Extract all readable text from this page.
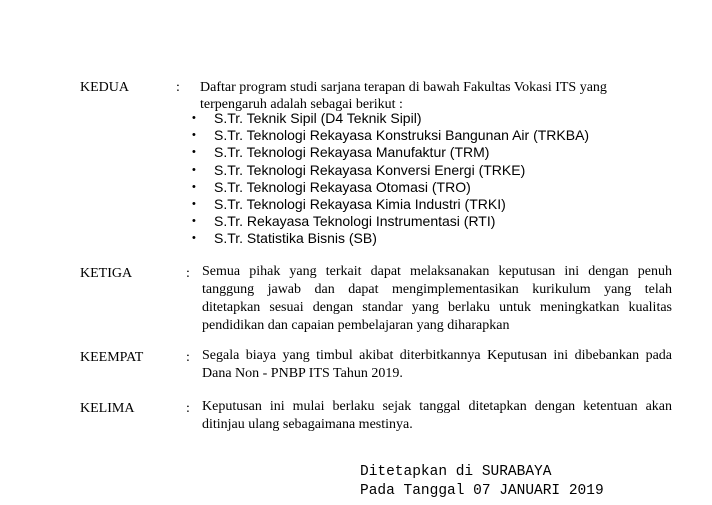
KEDUA	: Daftar program studi sarjana terapan di bawah Fakultas Vokasi ITS yang
terpengaruh adalah sebagai berikut :
• S.Tr. Teknik Sipil (D4 Teknik Sipil)
• S.Tr. Teknologi Rekayasa Konstruksi Bangunan Air (TRKBA)
• S.Tr. Teknologi Rekayasa Manufaktur (TRM)
• S.Tr. Teknologi Rekayasa Konversi Energi (TRKE)
• S.Tr. Teknologi Rekayasa Otomasi (TRO)
• S.Tr. Teknologi Rekayasa Kimia Industri (TRKI)
• S.Tr. Rekayasa Teknologi Instrumentasi (RTI)
• S.Tr. Statistika Bisnis (SB)
KETIGA	: Semua pihak yang terkait dapat melaksanakan keputusan ini dengan penuh
tanggung jawab dan dapat mengimplementasikan kurikulum yang telah
ditetapkan sesuai dengan standar yang berlaku untuk meningkatkan kualitas
pendidikan dan capaian pembelajaran yang diharapkan
KEEMPAT	: Segala biaya yang timbul akibat diterbitkannya Keputusan ini dibebankan pada
Dana Non - PNBP ITS Tahun 2019.
KELIMA	: Keputusan ini mulai berlaku sejak tanggal ditetapkan dengan ketentuan akan
ditinjau ulang sebagaimana mestinya.
Ditetapkan di SURABAYA
Pada Tanggal 07 JANUARI 2019
